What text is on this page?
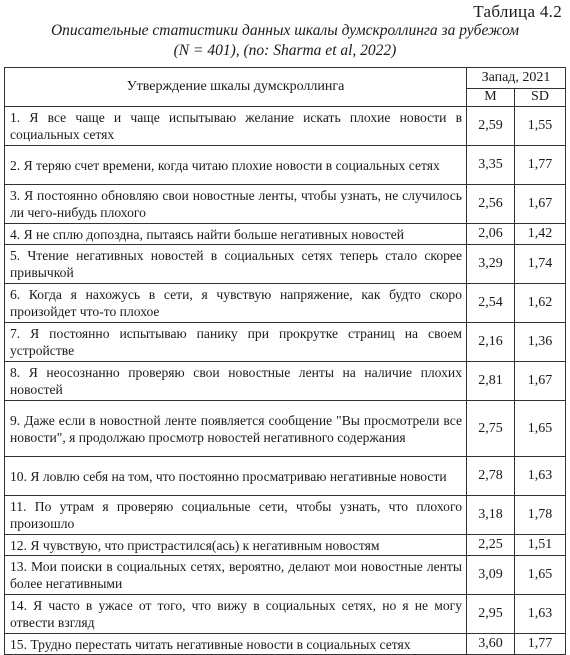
Таблица 4.2
Описательные статистики данных шкалы думскроллинга за рубежом
(N = 401), (по: Sharma et al, 2022)
Утверждение шкалы думскроллинга	Запад, 2021	
	M	SD
1. Я все чаще и чаще испытываю желание искать плохие новости в социальных сетях	2,59	1,55
2. Я теряю счет времени, когда читаю плохие новости в социальных сетях	3,35	1,77
3. Я постоянно обновляю свои новостные ленты, чтобы узнать, не случилось ли чего-нибудь плохого	2,56	1,67
4. Я не сплю допоздна, пытаясь найти больше негативных новостей	2,06	1,42
5. Чтение негативных новостей в социальных сетях теперь стало скорее привычкой	3,29	1,74
6. Когда я нахожусь в сети, я чувствую напряжение, как будто скоро произойдет что-то плохое	2,54	1,62
7. Я постоянно испытываю панику при прокрутке страниц на своем устройстве	2,16	1,36
8. Я неосознанно проверяю свои новостные ленты на наличие плохих новостей	2,81	1,67
9. Даже если в новостной ленте появляется сообщение "Вы просмотрели все новости", я продолжаю просмотр новостей негативного содержания	2,75	1,65
10. Я ловлю себя на том, что постоянно просматриваю негативные новости	2,78	1,63
11. По утрам я проверяю социальные сети, чтобы узнать, что плохого произошло	3,18	1,78
12. Я чувствую, что пристрастился(ась) к негативным новостям	2,25	1,51
13. Мои поиски в социальных сетях, вероятно, делают мои новостные ленты более негативными	3,09	1,65
14. Я часто в ужасе от того, что вижу в социальных сетях, но я не могу отвести взгляд	2,95	1,63
15. Трудно перестать читать негативные новости в социальных сетях	3,60	1,77
